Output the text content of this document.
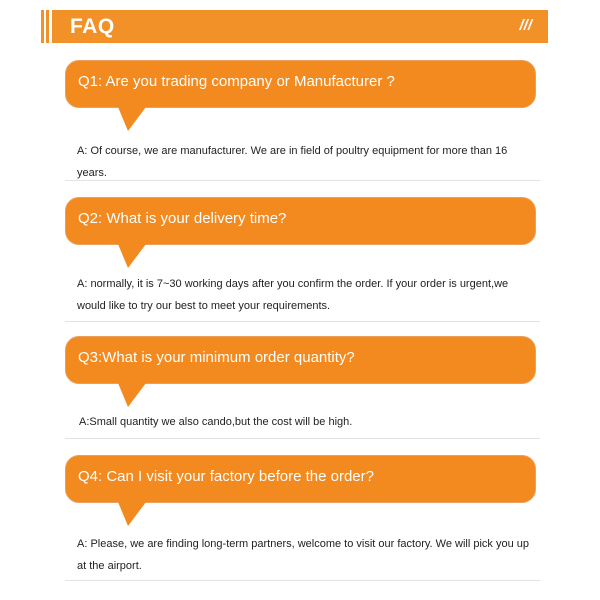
FAQ	///
Q1: Are you trading company or Manufacturer ?
A: Of course, we are manufacturer. We are in field of poultry equipment for more than 16 years.
Q2: What is your delivery time?
A: normally, it is 7~30 working days after you confirm the order. If your order is urgent,we would like to try our best to meet your requirements.
Q3:What is your minimum order quantity?
A:Small quantity we also cando,but the cost will be high.
Q4: Can I visit your factory before the order?
A: Please, we are finding long-term partners, welcome to visit our factory. We will pick you up at the airport.
